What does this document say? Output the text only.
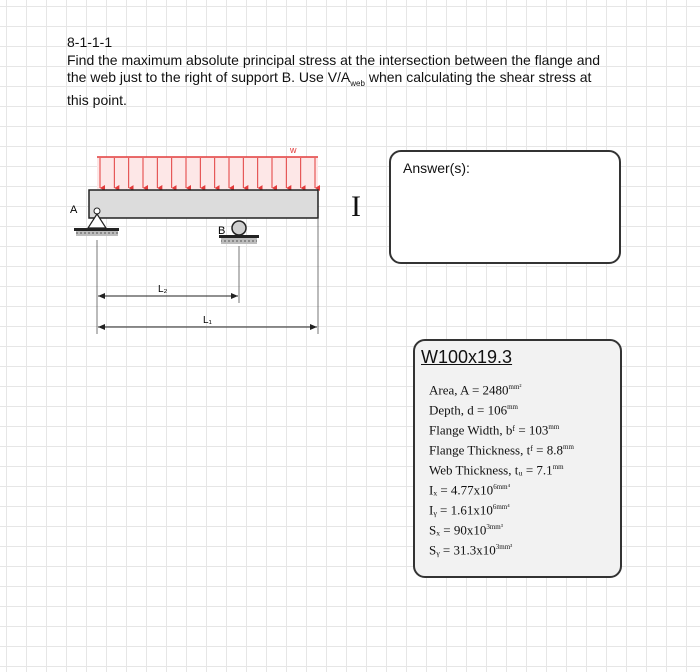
8-1-1-1
Find the maximum absolute principal stress at the intersection between the flange and the web just to the right of support B. Use $V/A_{web}$ when calculating the shear stress at this point.
w
A
B
L₂
L₁
I
Answer(s):
W100x19.3
Area, $A = 2480^{mm^2}$
Depth, $d = 106^{mm}$
Flange Width, bᶠ = $103^{mm}$
Flange Thickness, tᶠ = $8.8^{mm}$
Web Thickness, tᵤ = $7.1^{mm}$
$I_x = 4.77x10^{6mm^4}$
Iᵧ = $1.61x10^{6mm^4}$
$S_x = 90x10^{3mm^3}$
Sᵧ = $31.3x10^{3mm^3}$
